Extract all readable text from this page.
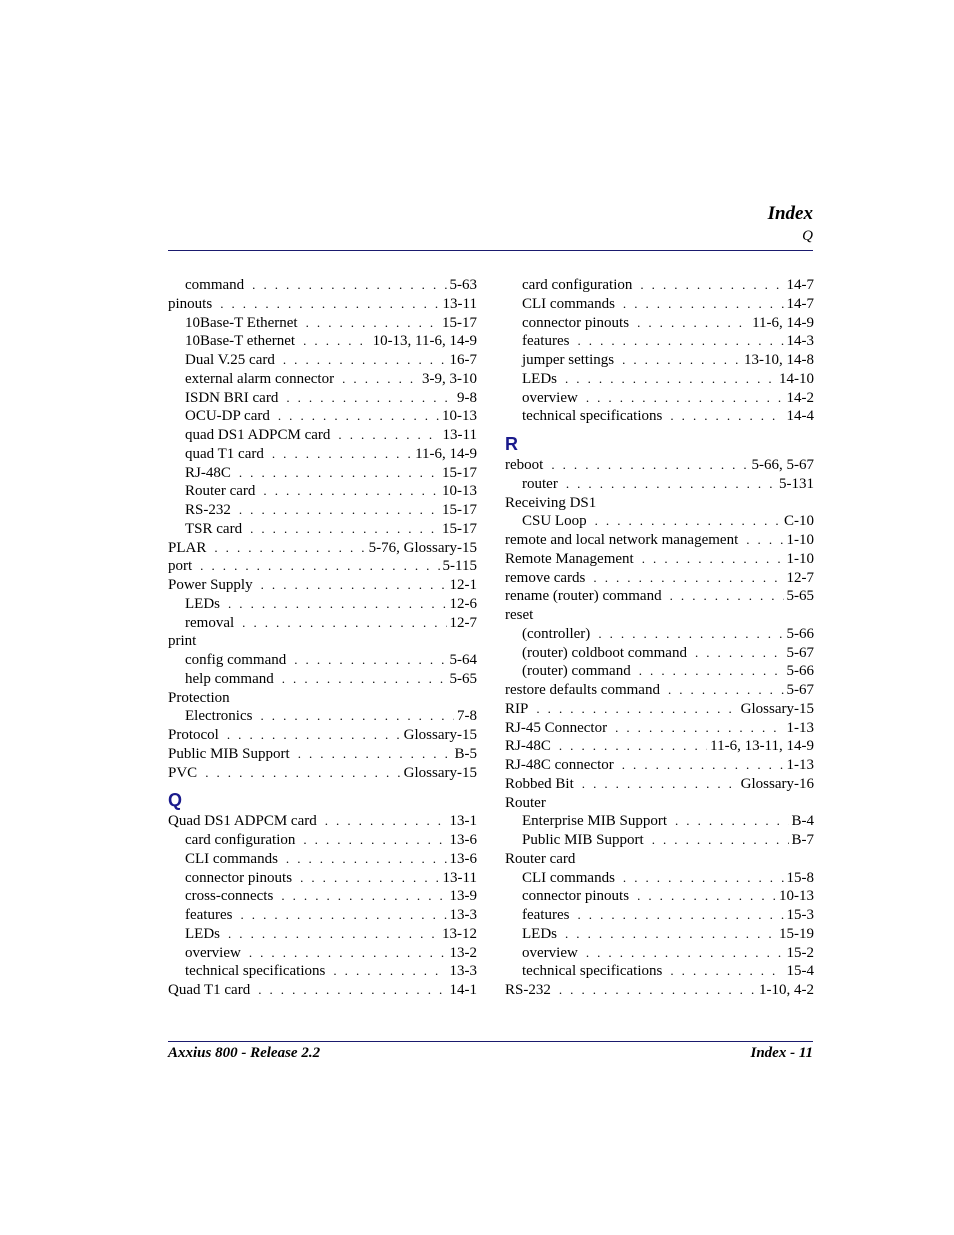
Index
Q
command . . .	5-63
pinouts . . .	13-11
10Base-T Ethernet . . .	15-17
10Base-T ethernet . . .	10-13, 11-6, 14-9
Dual V.25 card . . .	16-7
external alarm connector . . .	3-9, 3-10
ISDN BRI card . . .	9-8
OCU-DP card . . .	10-13
quad DS1 ADPCM card . . .	13-11
quad T1 card . . .	11-6, 14-9
RJ-48C . . .	15-17
Router card . . .	10-13
RS-232 . . .	15-17
TSR card . . .	15-17
PLAR . . .	5-76, Glossary-15
port . . .	5-115
Power Supply . . .	12-1
LEDs . . .	12-6
removal . . .	12-7
print
config command . . .	5-64
help command . . .	5-65
Protection
Electronics . . .	7-8
Protocol . . .	Glossary-15
Public MIB Support . . .	B-5
PVC . . .	Glossary-15
Q
Quad DS1 ADPCM card . . .	13-1
card configuration . . .	13-6
CLI commands . . .	13-6
connector pinouts . . .	13-11
cross-connects . . .	13-9
features . . .	13-3
LEDs . . .	13-12
overview . . .	13-2
technical specifications . . .	13-3
Quad T1 card . . .	14-1
card configuration . . .	14-7
CLI commands . . .	14-7
connector pinouts . . .	11-6, 14-9
features . . .	14-3
jumper settings . . .	13-10, 14-8
LEDs . . .	14-10
overview . . .	14-2
technical specifications . . .	14-4
R
reboot . . .	5-66, 5-67
router . . .	5-131
Receiving DS1
CSU Loop . . .	C-10
remote and local network management . . .	1-10
Remote Management . . .	1-10
remove cards . . .	12-7
rename (router) command . . .	5-65
reset
(controller) . . .	5-66
(router) coldboot command . . .	5-67
(router) command . . .	5-66
restore defaults command . . .	5-67
RIP . . .	Glossary-15
RJ-45 Connector . . .	1-13
RJ-48C . . .	11-6, 13-11, 14-9
RJ-48C connector . . .	1-13
Robbed Bit . . .	Glossary-16
Router
Enterprise MIB Support . . .	B-4
Public MIB Support . . .	B-7
Router card
CLI commands . . .	15-8
connector pinouts . . .	10-13
features . . .	15-3
LEDs . . .	15-19
overview . . .	15-2
technical specifications . . .	15-4
RS-232 . . .	1-10, 4-2
Axxius 800 - Release 2.2	Index - 11
